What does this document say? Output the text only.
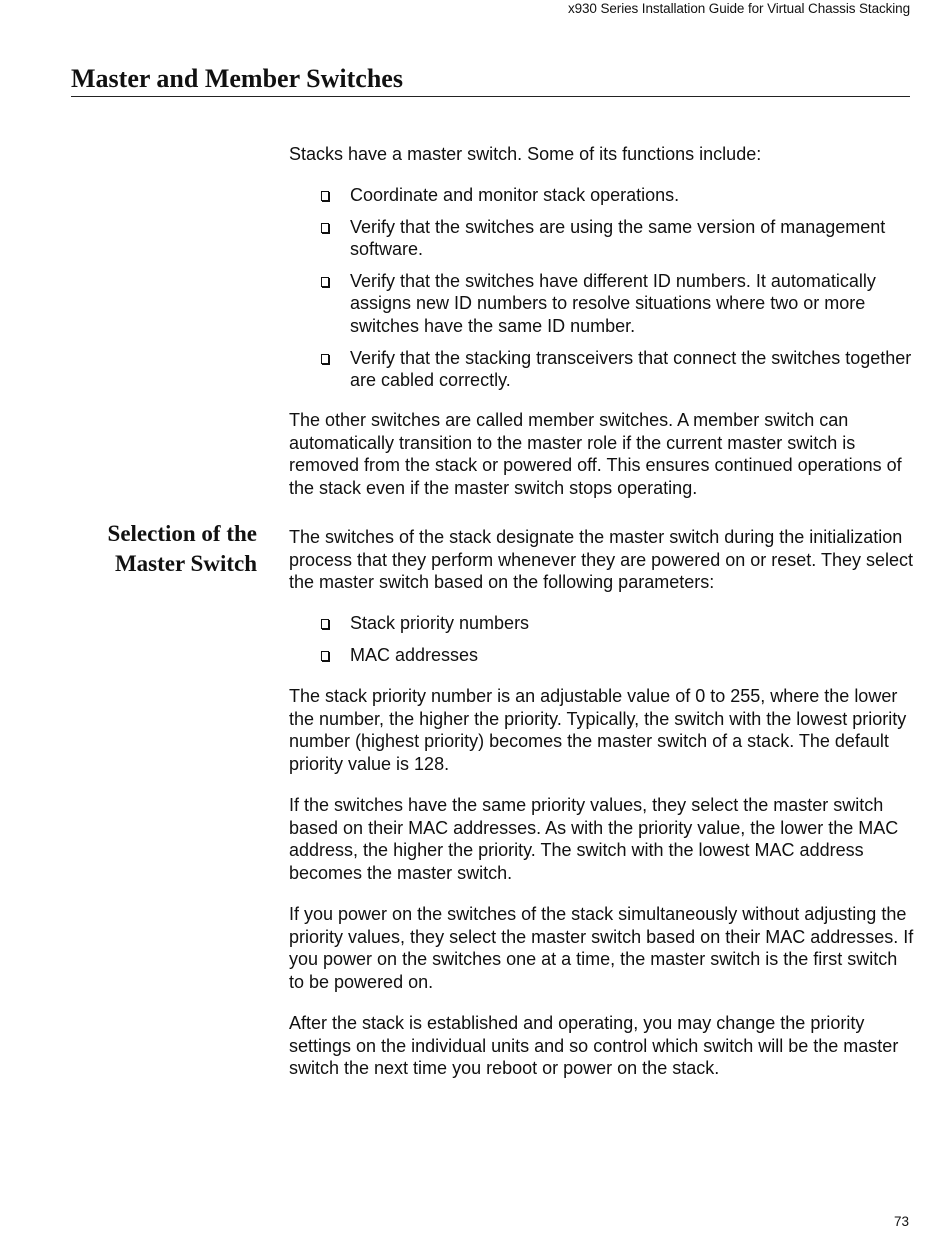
x930 Series Installation Guide for Virtual Chassis Stacking
Master and Member Switches

Stacks have a master switch. Some of its functions include:

Coordinate and monitor stack operations.
Verify that the switches are using the same version of management software.
Verify that the switches have different ID numbers. It automatically assigns new ID numbers to resolve situations where two or more switches have the same ID number.
Verify that the stacking transceivers that connect the switches together are cabled correctly.

The other switches are called member switches. A member switch can automatically transition to the master role if the current master switch is removed from the stack or powered off. This ensures continued operations of the stack even if the master switch stops operating.

The switches of the stack designate the master switch during the initialization process that they perform whenever they are powered on or reset. They select the master switch based on the following parameters:

Stack priority numbers
MAC addresses

The stack priority number is an adjustable value of 0 to 255, where the lower the number, the higher the priority. Typically, the switch with the lowest priority number (highest priority) becomes the master switch of a stack. The default priority value is 128.

If the switches have the same priority values, they select the master switch based on their MAC addresses. As with the priority value, the lower the MAC address, the higher the priority. The switch with the lowest MAC address becomes the master switch.

If you power on the switches of the stack simultaneously without adjusting the priority values, they select the master switch based on their MAC addresses. If you power on the switches one at a time, the master switch is the first switch to be powered on.

After the stack is established and operating, you may change the priority settings on the individual units and so control which switch will be the master switch the next time you reboot or power on the stack.

Selection of the
Master Switch
73
